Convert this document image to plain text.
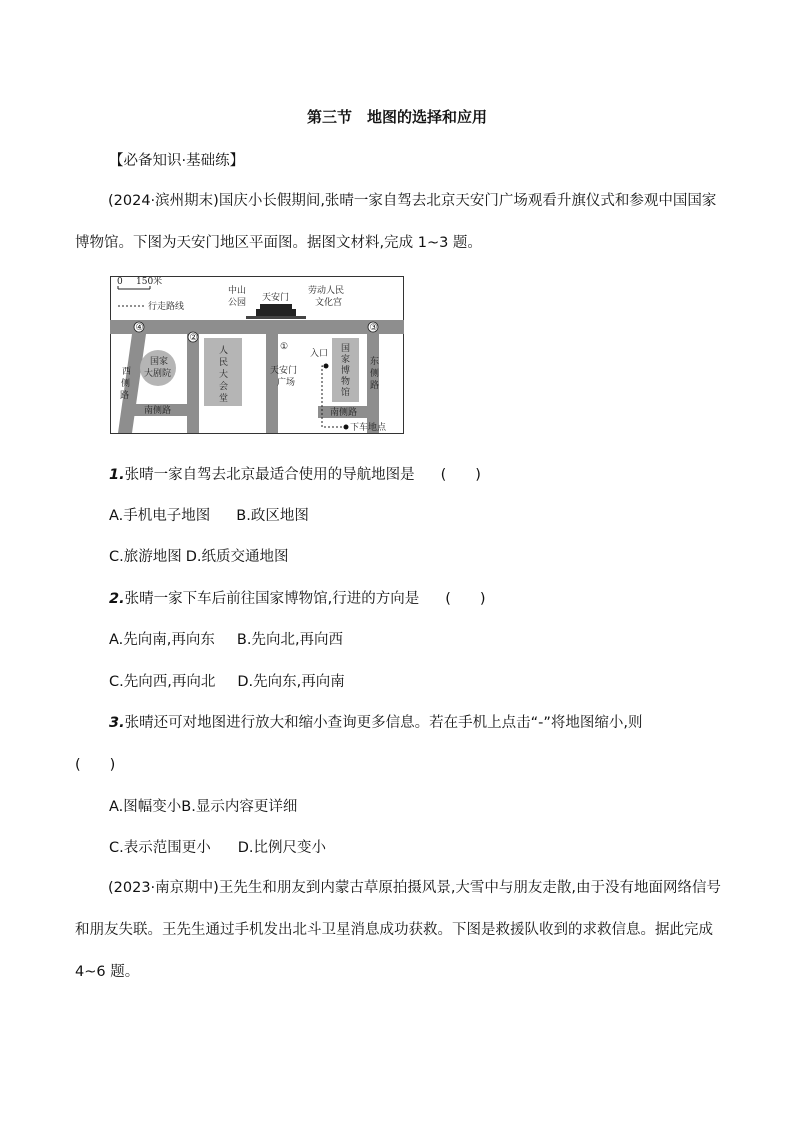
第三节　地图的选择和应用
【必备知识·基础练】

(2024·滨州期末)国庆小长假期间,张晴一家自驾去北京天安门广场观看升旗仪式和参观中国国家博物馆。下图为天安门地区平面图。据图文材料,完成 1~3 题。

0 150米
行走路线
中山
公园 天安门
劳动人民
文化宫
④
②
③
①
国家
大剧院
西
侧
路
人
民
大
会
堂
天安门
广场
入口 国
家
博
物
馆
东
侧
路
南侧路	南侧路
下车地点
1.张晴一家自驾去北京最适合使用的导航地图是 (　　)
A.手机电子地图 B.政区地图
C.旅游地图 D.纸质交通地图
2.张晴一家下车后前往国家博物馆,行进的方向是 (　　)
A.先向南,再向东 B.先向北,再向西
C.先向西,再向北 D.先向东,再向南
3.张晴还可对地图进行放大和缩小查询更多信息。若在手机上点击“-”将地图缩小,则
(　　)
A.图幅变小B.显示内容更详细
C.表示范围更小 D.比例尺变小

(2023·南京期中)王先生和朋友到内蒙古草原拍摄风景,大雪中与朋友走散,由于没有地面网络信号和朋友失联。王先生通过手机发出北斗卫星消息成功获救。下图是救援队收到的求救信息。据此完成 4~6 题。
